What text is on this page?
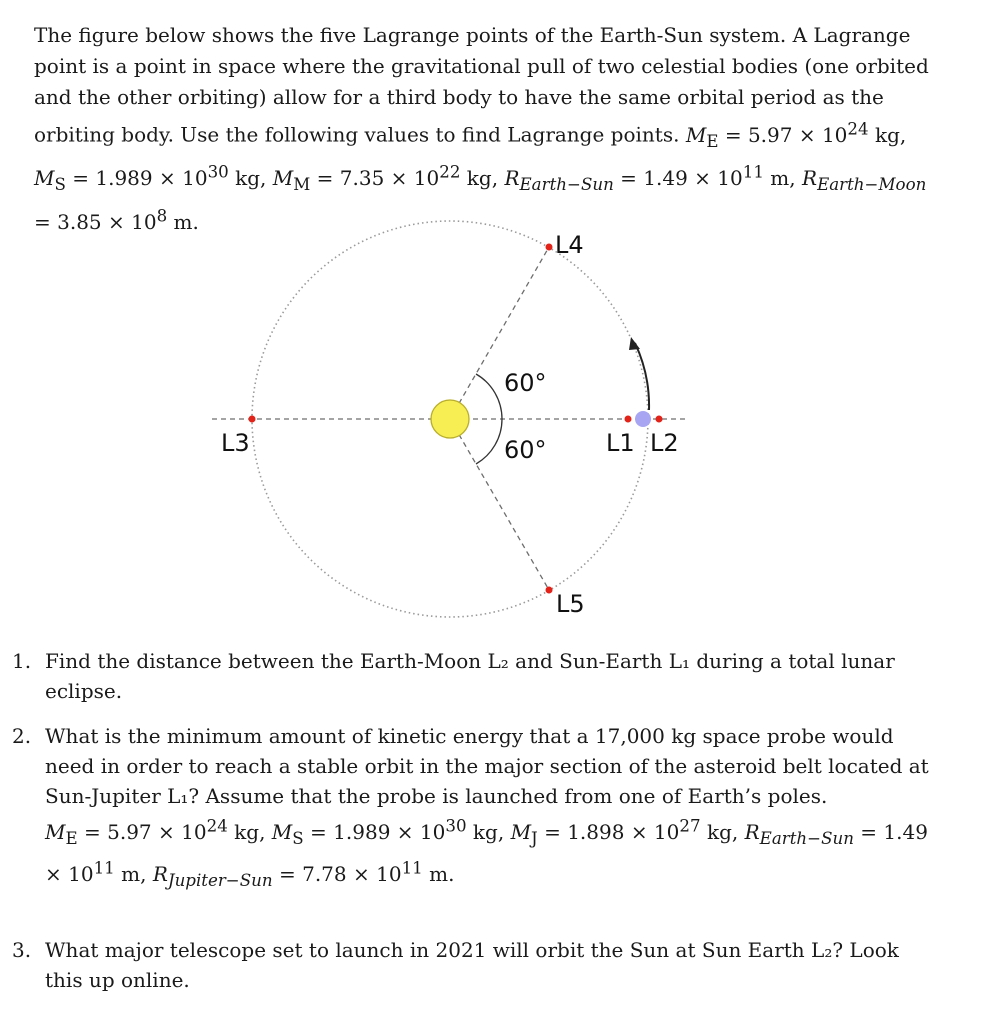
The figure below shows the five Lagrange points of the Earth-Sun system. A Lagrange point is a point in space where the gravitational pull of two celestial bodies (one orbited and the other orbiting) allow for a third body to have the same orbital period as the orbiting body. Use the following values to find Lagrange points. $M_E = 5.97 \times 10^{24}$ kg, $M_S = 1.989 \times 10^{30}$ kg, $M_M = 7.35 \times 10^{22}$ kg, $R_{Earth-Sun} = 1.49 \times 10^{11}$ m, $R_{Earth-Moon} = 3.85 \times 10^8$ m.

L3
L4
L5
L1 L2
60°
60°
1. Find the distance between the Earth-Moon L₂ and Sun-Earth L₁ during a total lunar eclipse.

2. What is the minimum amount of kinetic energy that a 17,000 kg space probe would need in order to reach a stable orbit in the major section of the asteroid belt located at Sun-Jupiter L₁? Assume that the probe is launched from one of Earth’s poles.

$M_E = 5.97 \times 10^{24}$ kg, $M_S = 1.989 \times 10^{30}$ kg, $M_J = 1.898 \times 10^{27}$ kg, $R_{Earth-Sun} = 1.49 \times 10^{11}$ m, $R_{Jupiter-Sun} = 7.78 \times 10^{11}$ m.

3. What major telescope set to launch in 2021 will orbit the Sun at Sun Earth L₂? Look this up online.
